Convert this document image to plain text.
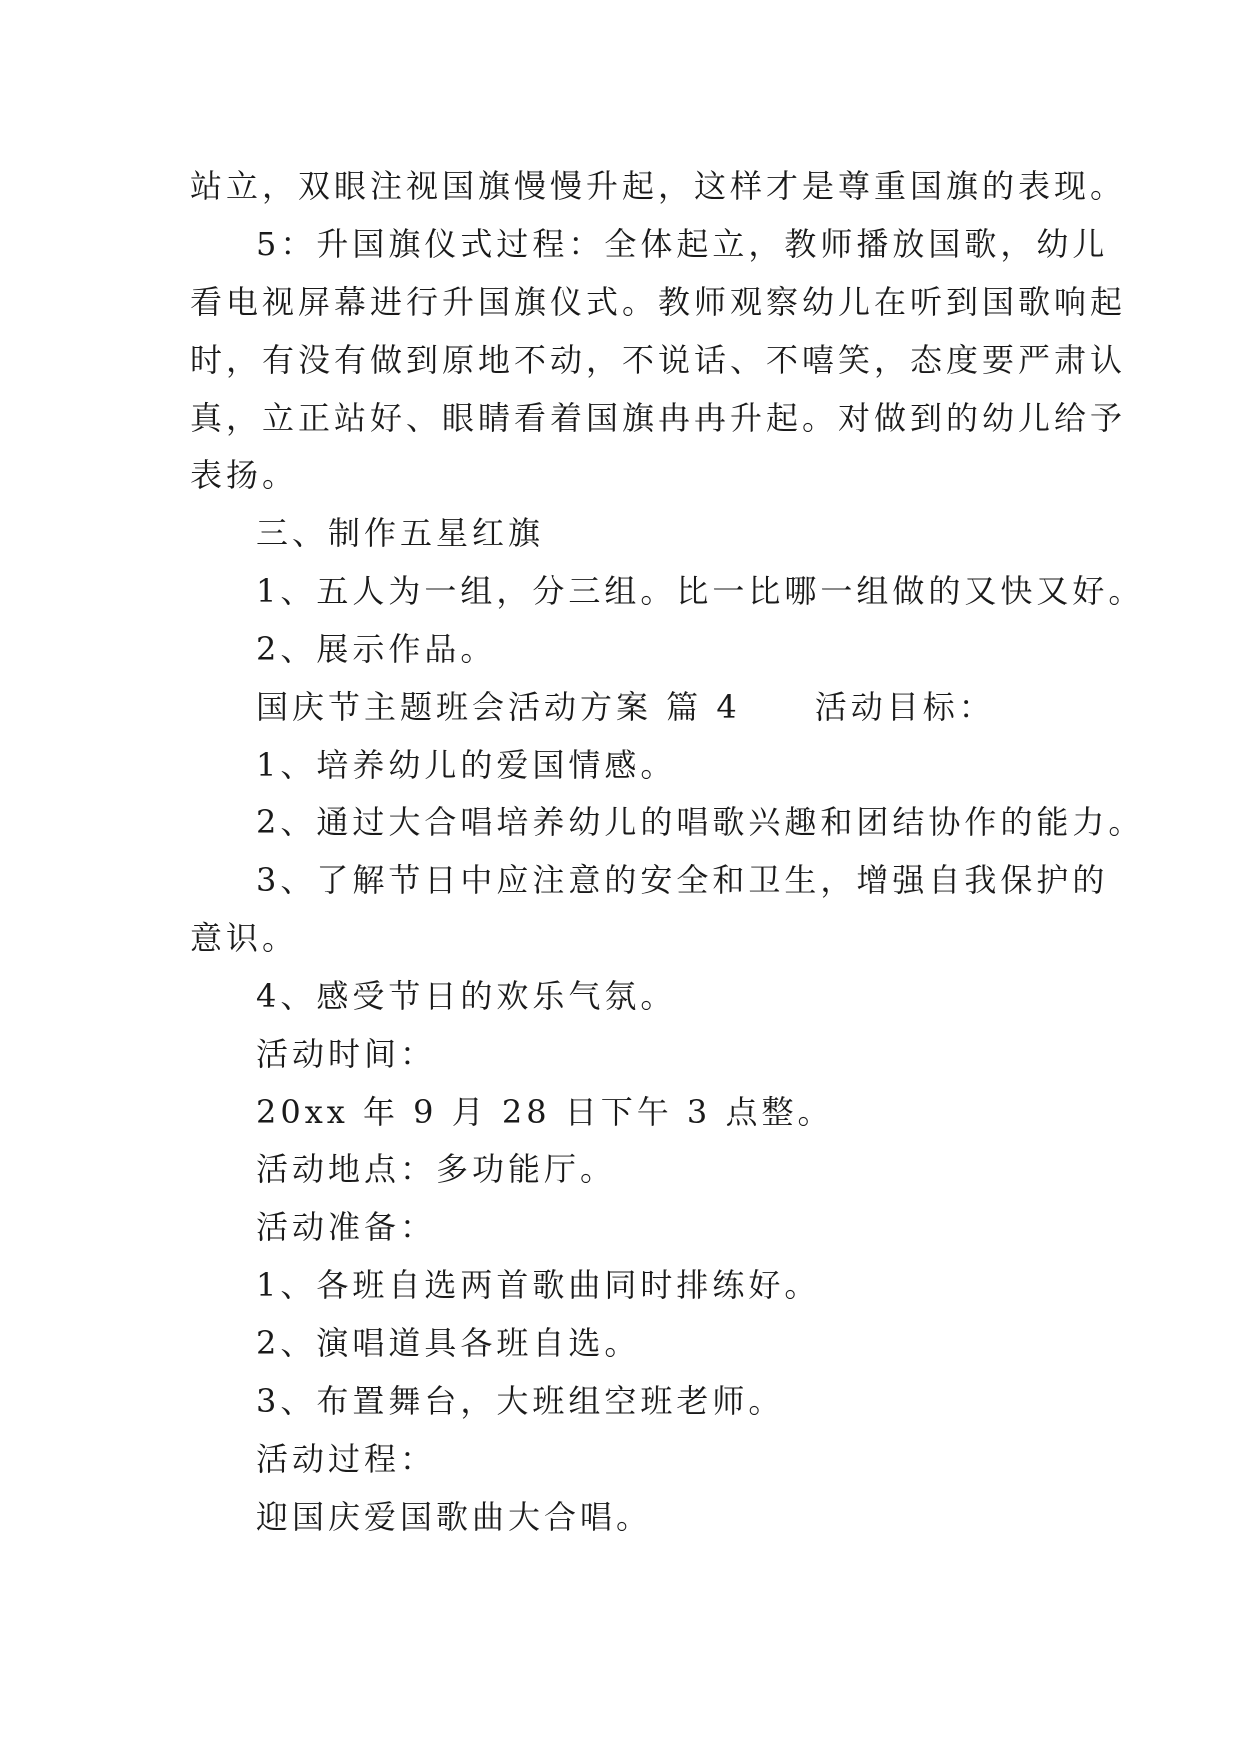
站立，双眼注视国旗慢慢升起，这样才是尊重国旗的表现。
5：升国旗仪式过程：全体起立，教师播放国歌，幼儿
看电视屏幕进行升国旗仪式。教师观察幼儿在听到国歌响起
时，有没有做到原地不动，不说话、不嘻笑，态度要严肃认
真，立正站好、眼睛看着国旗冉冉升起。对做到的幼儿给予
表扬。
三、制作五星红旗
1、五人为一组，分三组。比一比哪一组做的又快又好。
2、展示作品。
国庆节主题班会活动方案 篇 4 活动目标：
1、培养幼儿的爱国情感。
2、通过大合唱培养幼儿的唱歌兴趣和团结协作的能力。
3、了解节日中应注意的安全和卫生，增强自我保护的
意识。
4、感受节日的欢乐气氛。
活动时间：
20xx 年 9 月 28 日下午 3 点整。
活动地点：多功能厅。
活动准备：
1、各班自选两首歌曲同时排练好。
2、演唱道具各班自选。
3、布置舞台，大班组空班老师。
活动过程：
迎国庆爱国歌曲大合唱。
